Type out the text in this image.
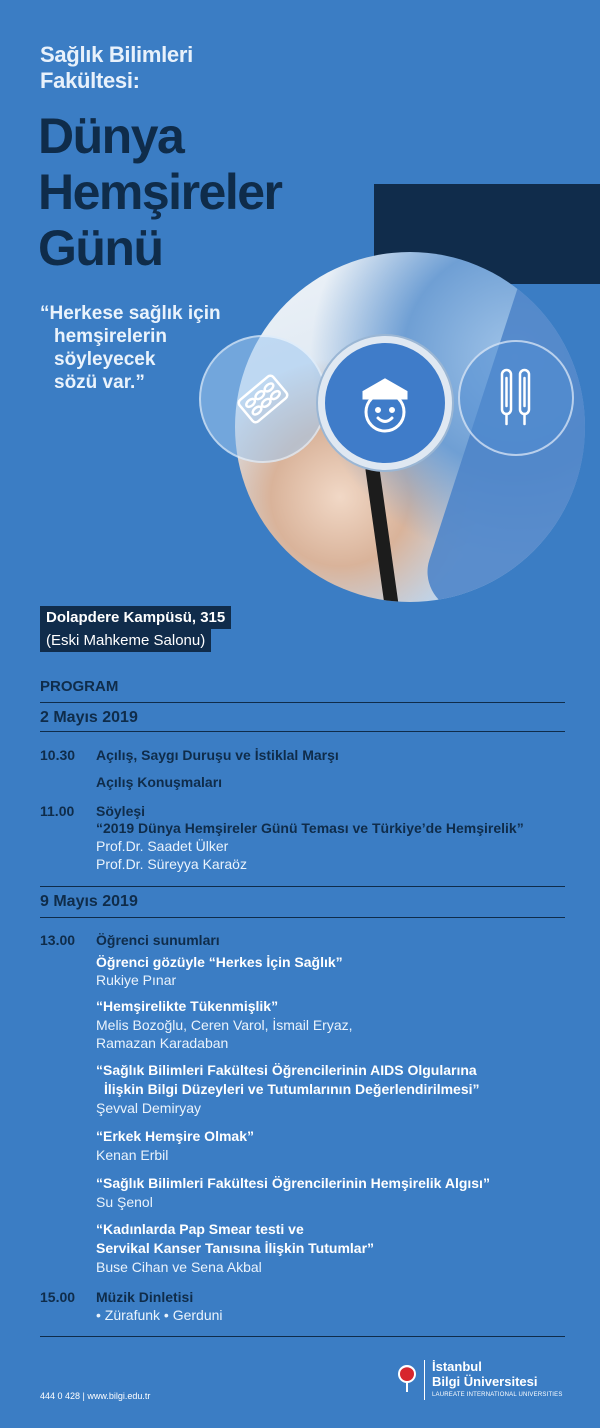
Sağlık Bilimleri
Fakültesi:
Dünya
Hemşireler
Günü
“Herkese sağlık için
hemşirelerin
söyleyecek
sözü var.”
Dolapdere Kampüsü, 315
(Eski Mahkeme Salonu)
PROGRAM
2 Mayıs 2019
10.30 Açılış, Saygı Duruşu ve İstiklal Marşı
Açılış Konuşmaları
11.00 Söyleşi
“2019 Dünya Hemşireler Günü Teması ve Türkiye’de Hemşirelik”
Prof.Dr. Saadet Ülker
Prof.Dr. Süreyya Karaöz
9 Mayıs 2019
13.00 Öğrenci sunumları
Öğrenci gözüyle “Herkes İçin Sağlık”
Rukiye Pınar
“Hemşirelikte Tükenmişlik”
Melis Bozoğlu, Ceren Varol, İsmail Eryaz,
Ramazan Karadaban
“Sağlık Bilimleri Fakültesi Öğrencilerinin AIDS Olgularına
İlişkin Bilgi Düzeyleri ve Tutumlarının Değerlendirilmesi”
Şevval Demiryay
“Erkek Hemşire Olmak”
Kenan Erbil
“Sağlık Bilimleri Fakültesi Öğrencilerinin Hemşirelik Algısı”
Su Şenol
“Kadınlarda Pap Smear testi ve
Servikal Kanser Tanısına İlişkin Tutumlar”
Buse Cihan ve Sena Akbal
15.00 Müzik Dinletisi
• Zürafunk • Gerduni
444 0 428 | www.bilgi.edu.tr
İstanbul
Bilgi Üniversitesi
LAUREATE INTERNATIONAL UNIVERSITIES
